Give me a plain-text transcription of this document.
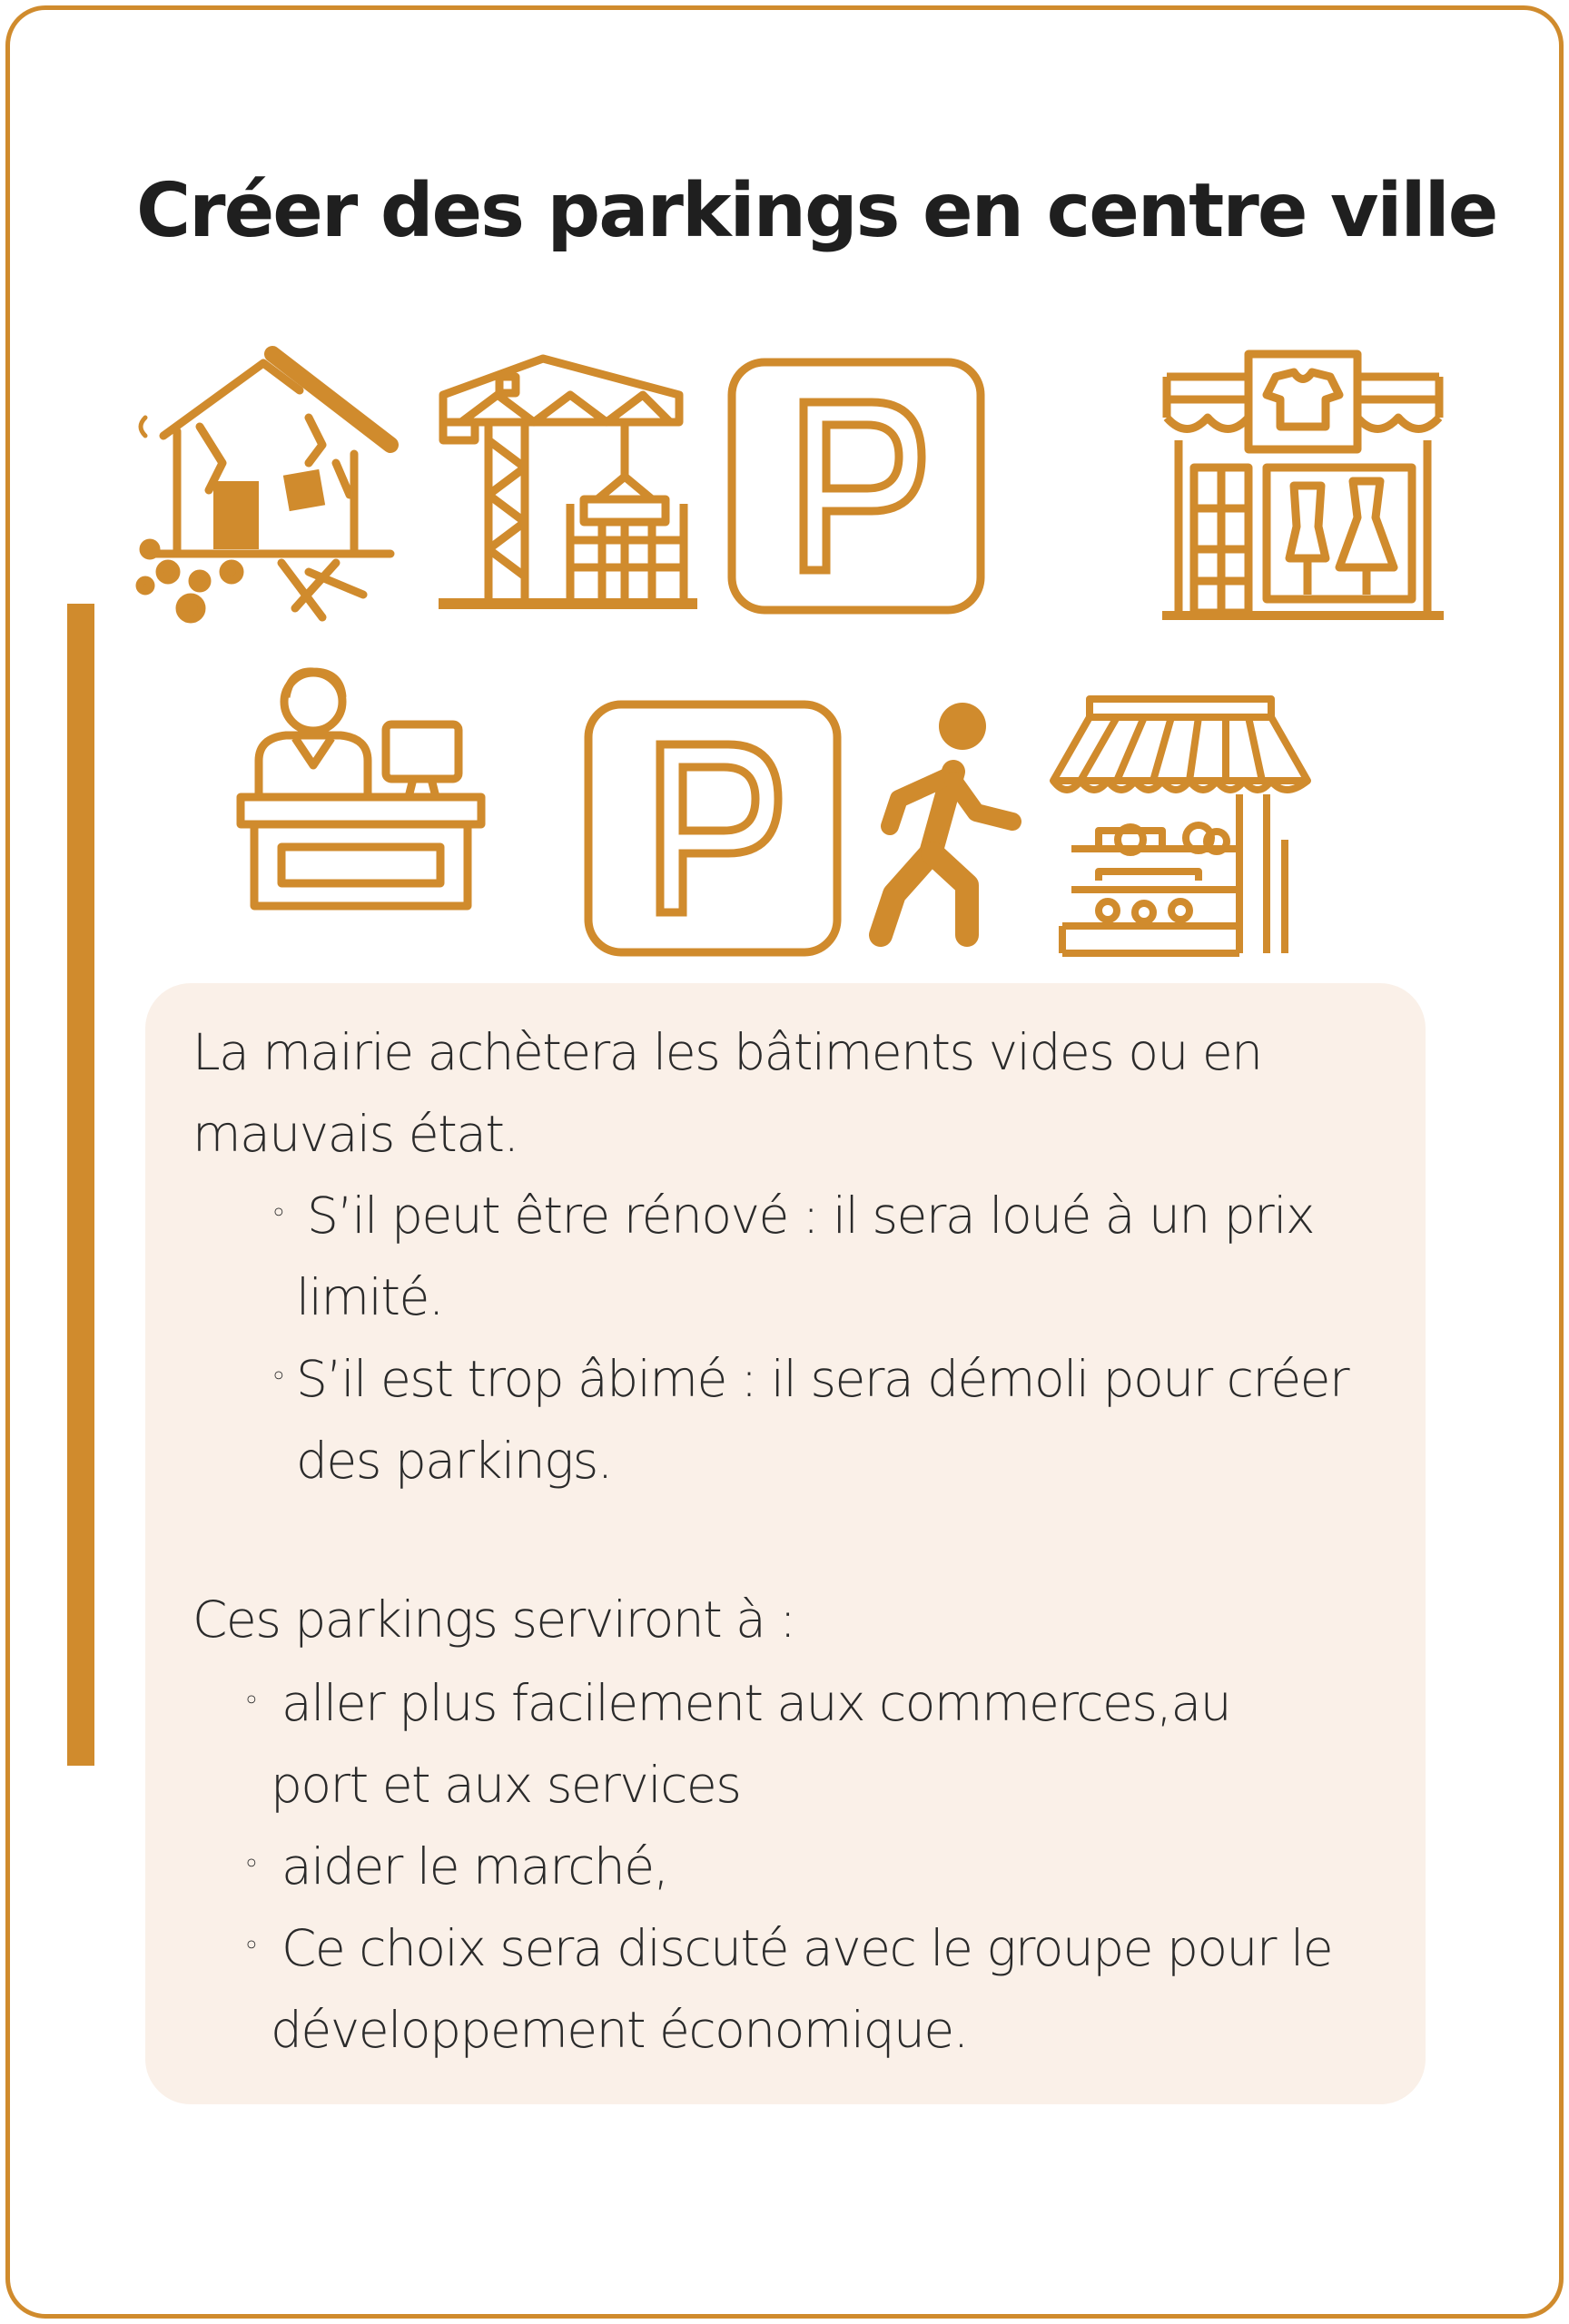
Créer des parkings en centre ville
La mairie achètera les bâtiments vides ou en
mauvais état.
◦ S’il peut être rénové : il sera loué à un prix
limité.
◦ S’il est trop âbimé : il sera démoli pour créer
des parkings.
Ces parkings serviront à :
◦ aller plus facilement aux commerces,au
port et aux services
◦ aider le marché,
◦ Ce choix sera discuté avec le groupe pour le
développement économique.
